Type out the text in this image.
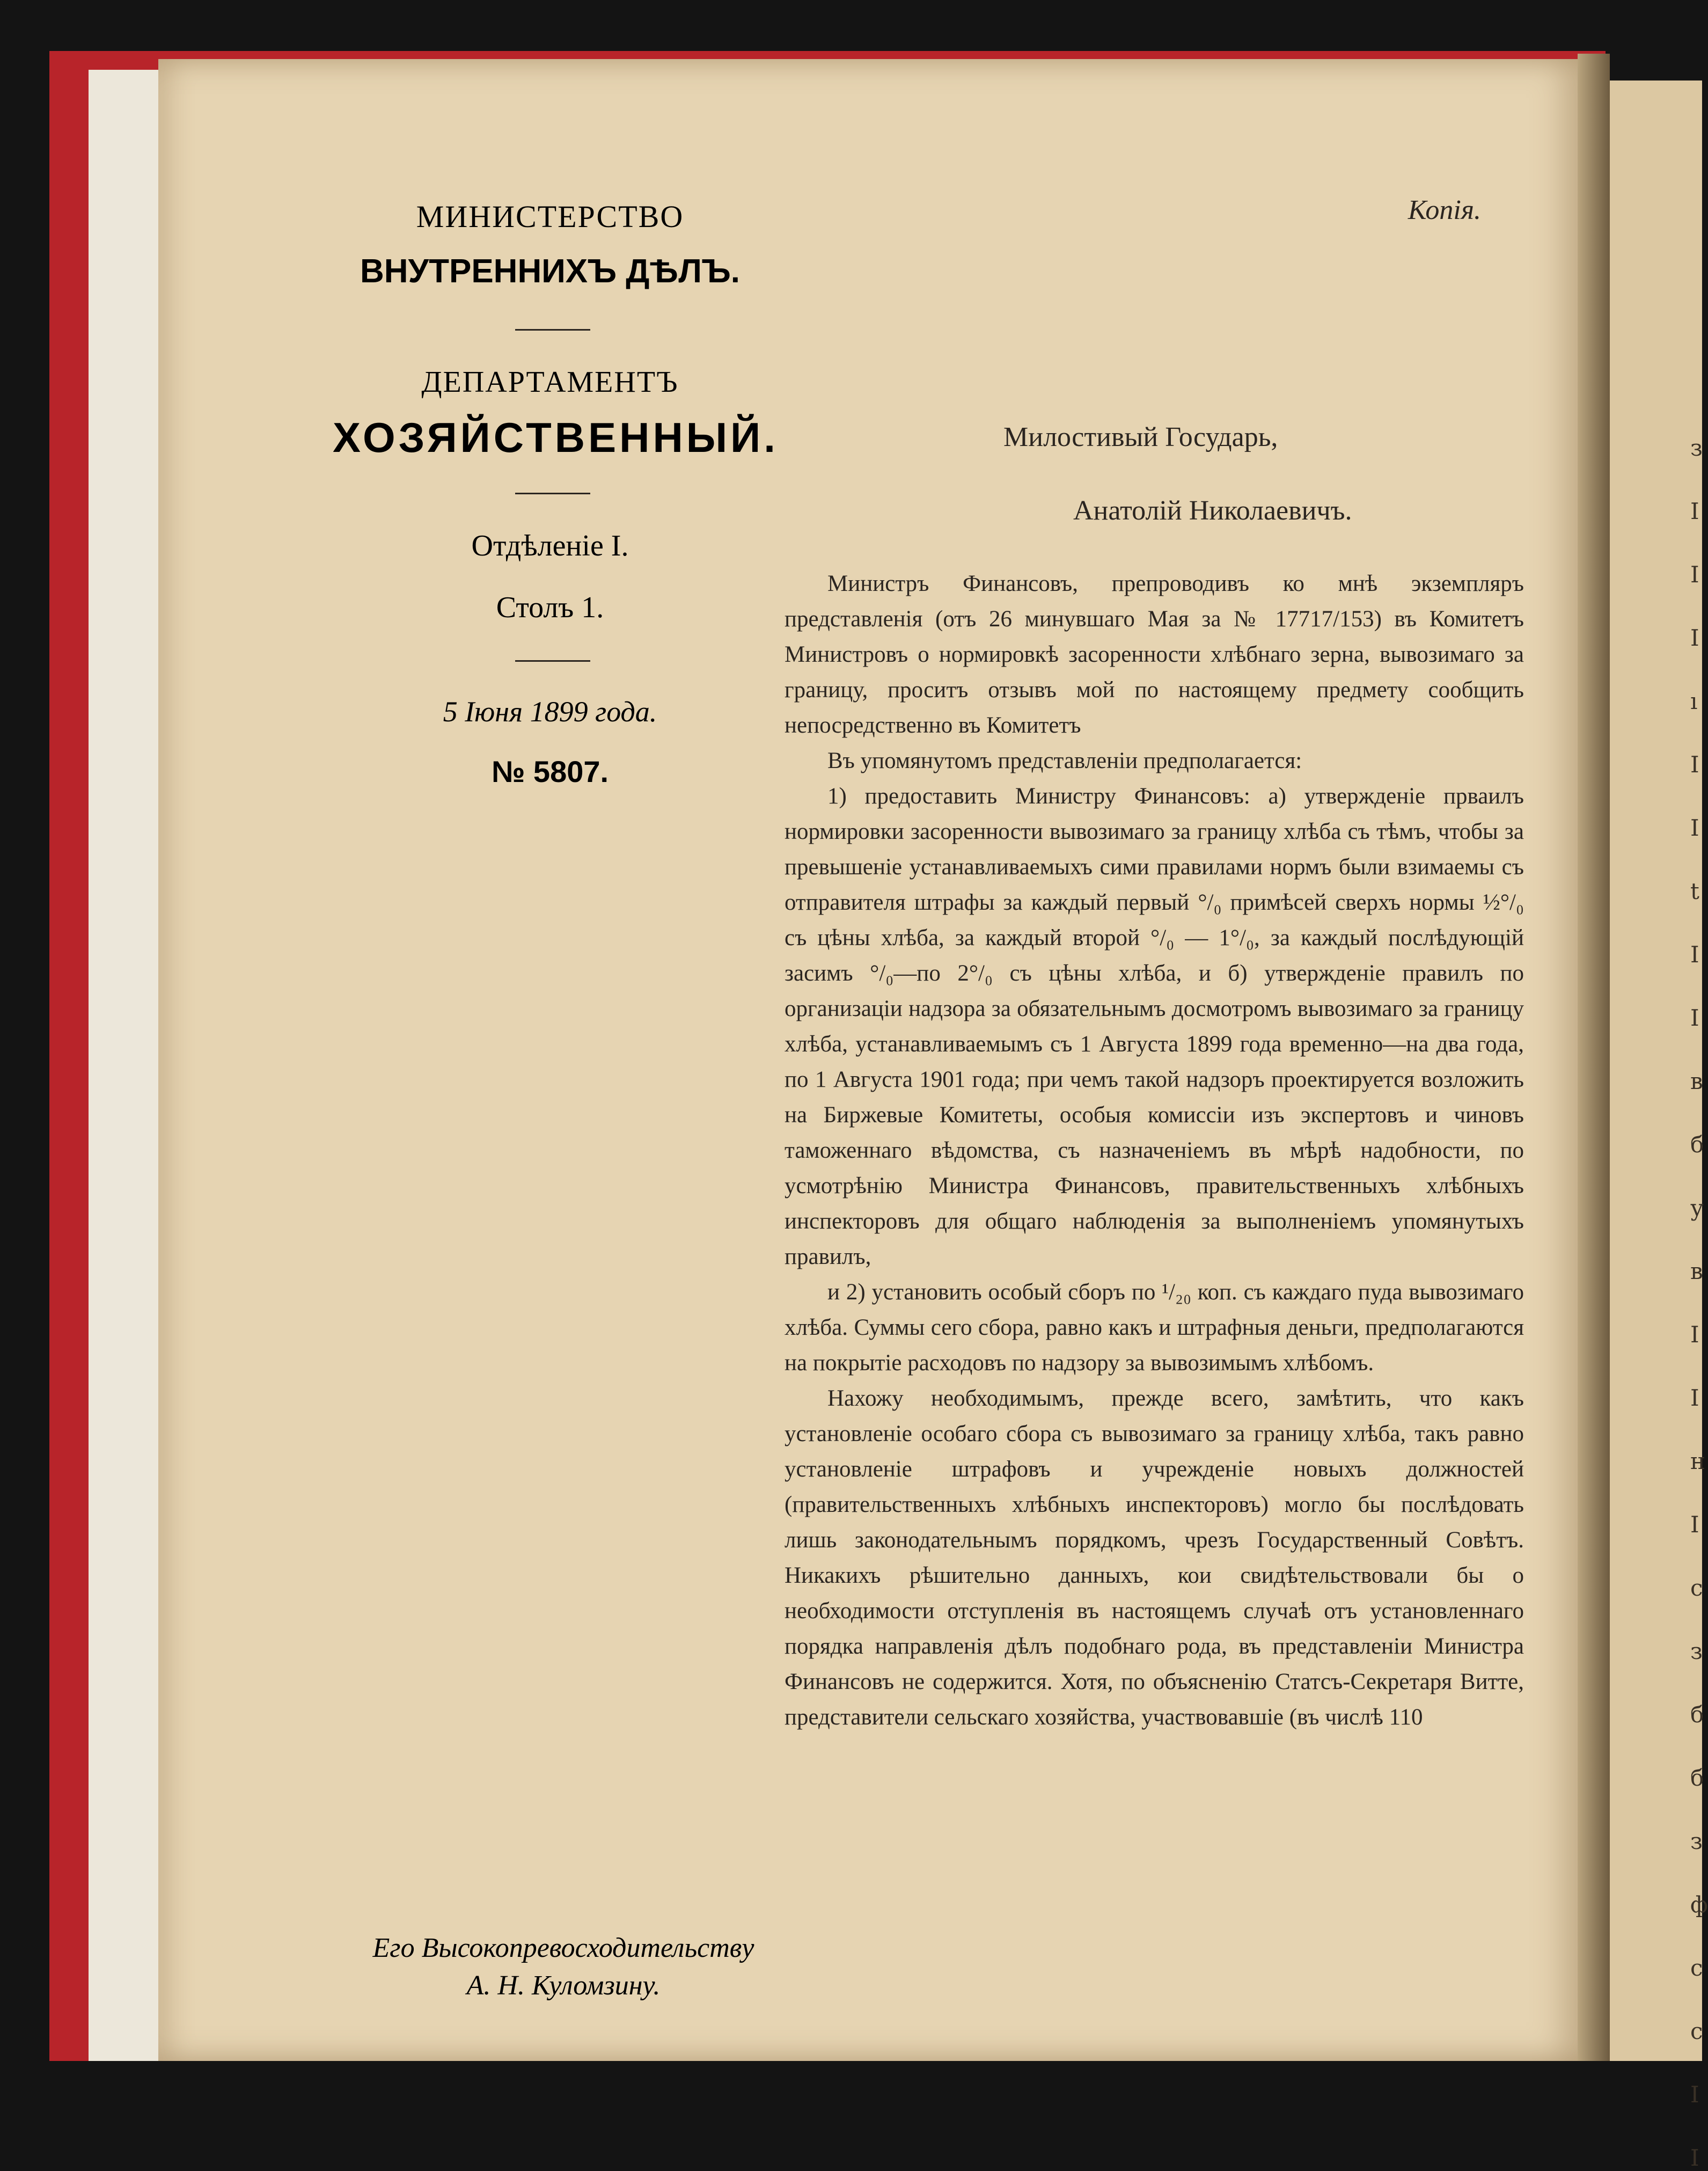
з
I
I
I
ı
I
I
t
I
I
в
б
у
в
I
I
н
I
с
з
б
б
з
ф
с
с
I
I
МИНИСТЕРСТВО
ВНУТРЕННИХЪ ДѢЛЪ.
ДЕПАРТАМЕНТЪ
ХОЗЯЙСТВЕННЫЙ.
Отдѣленіе I.
Столъ 1.
5 Іюня 1899 года.
№ 5807.
Его Высокопревосходительству
А. Н. Куломзину.
Копія.
Милостивый Государь,
Анатолій Николаевичъ.

Министръ Финансовъ, препроводивъ ко мнѣ экземпляръ представленія (отъ 26 минувшаго Мая за № 17717/153) въ Комитетъ Министровъ о нормировкѣ засоренности хлѣбнаго зерна, вывозимаго за границу, проситъ отзывъ мой по настоящему предмету сообщить непосредственно въ Комитетъ

Въ упомянутомъ представленіи предполагается:

1) предоставить Министру Финансовъ: а) утвержденіе прваилъ нормировки засоренности вывозимаго за границу хлѣба съ тѣмъ, чтобы за превышеніе устанавливаемыхъ сими правилами нормъ были взимаемы съ отправителя штрафы за каждый первый °/₀ примѣсей сверхъ нормы ½°/₀ съ цѣны хлѣба, за каждый второй °/₀ — 1°/₀, за каждый послѣдующій засимъ °/₀—по 2°/₀ съ цѣны хлѣба, и б) утвержденіе правилъ по организаціи надзора за обязательнымъ досмотромъ вывозимаго за границу хлѣба, устанавливаемымъ съ 1 Августа 1899 года временно—на два года, по 1 Августа 1901 года; при чемъ такой надзоръ проектируется возложить на Биржевые Комитеты, особыя комиссіи изъ экспертовъ и чиновъ таможеннаго вѣдомства, съ назначеніемъ въ мѣрѣ надобности, по усмотрѣнію Министра Финансовъ, правительственныхъ хлѣбныхъ инспекторовъ для общаго наблюденія за выполненіемъ упомянутыхъ правилъ,

и 2) установить особый сборъ по ¹/₂₀ коп. съ каждаго пуда вывозимаго хлѣба. Суммы сего сбора, равно какъ и штрафныя деньги, предполагаются на покрытіе расходовъ по надзору за вывозимымъ хлѣбомъ.

Нахожу необходимымъ, прежде всего, замѣтить, что какъ установленіе особаго сбора съ вывозимаго за границу хлѣба, такъ равно установленіе штрафовъ и учрежденіе новыхъ должностей (правительственныхъ хлѣбныхъ инспекторовъ) могло бы послѣдовать лишь законодательнымъ порядкомъ, чрезъ Государственный Совѣтъ. Никакихъ рѣшительно данныхъ, кои свидѣтельствовали бы о необходимости отступленія въ настоящемъ случаѣ отъ установленнаго порядка направленія дѣлъ подобнаго рода, въ представленіи Министра Финансовъ не содержится. Хотя, по объясненію Статсъ-Секретаря Витте, представители сельскаго хозяйства, участвовавшіе (въ числѣ 110
